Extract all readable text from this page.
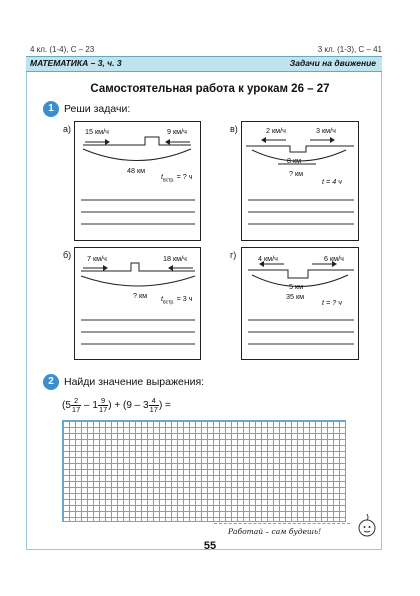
4 кл. (1-4), С – 23	3 кл. (1-3), С – 41
МАТЕМАТИКА – 3, ч. 3	Задачи на движение
Самостоятельная работа к урокам 26 – 27
1 Реши задачи:
а) 15 км/ч	9 км/ч
48 км
$t_{встр.}$ = ? ч
в)	2 км/ч	3 км/ч
8 км
? км
t = 4 ч
б) 7 км/ч	18 км/ч
? км $t_{встр.} = 3$ ч
г)	4 км/ч	6 км/ч
5 км
35 км
t = ? ч
2 Найди значение выражения:
($5 \frac{2}{17} - 1 \frac{9}{17}$ ) + ($9 - 3 \frac{4}{17}$ ) =
Работай – сам будешь!
55
